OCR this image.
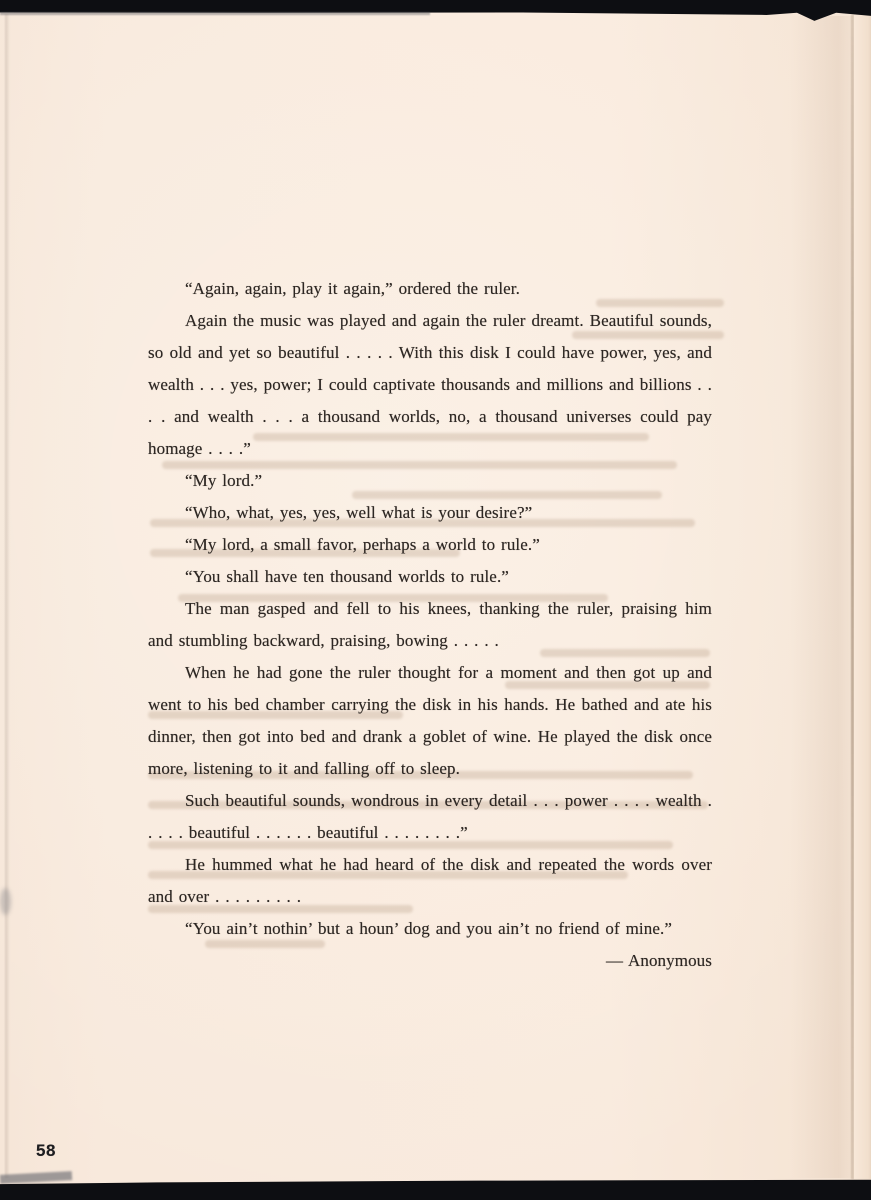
“Again, again, play it again,” ordered the ruler.

Again the music was played and again the ruler dreamt. Beautiful sounds, so old and yet so beautiful . . . . . With this disk I could have power, yes, and wealth . . . yes, power; I could captivate thousands and millions and billions . . . . and wealth . . . a thousand worlds, no, a thousand universes could pay homage . . . .”

“My lord.”

“Who, what, yes, yes, well what is your desire?”

“My lord, a small favor, perhaps a world to rule.”

“You shall have ten thousand worlds to rule.”

The man gasped and fell to his knees, thanking the ruler, praising him and stumbling backward, praising, bowing . . . . .

When he had gone the ruler thought for a moment and then got up and went to his bed chamber carrying the disk in his hands. He bathed and ate his dinner, then got into bed and drank a goblet of wine. He played the disk once more, listening to it and falling off to sleep.

Such beautiful sounds, wondrous in every detail . . . power . . . . wealth . . . . . beautiful . . . . . . beautiful . . . . . . . .”

He hummed what he had heard of the disk and repeated the words over and over . . . . . . . . .

“You ain’t nothin’ but a houn’ dog and you ain’t no friend of mine.”

— Anonymous

58
